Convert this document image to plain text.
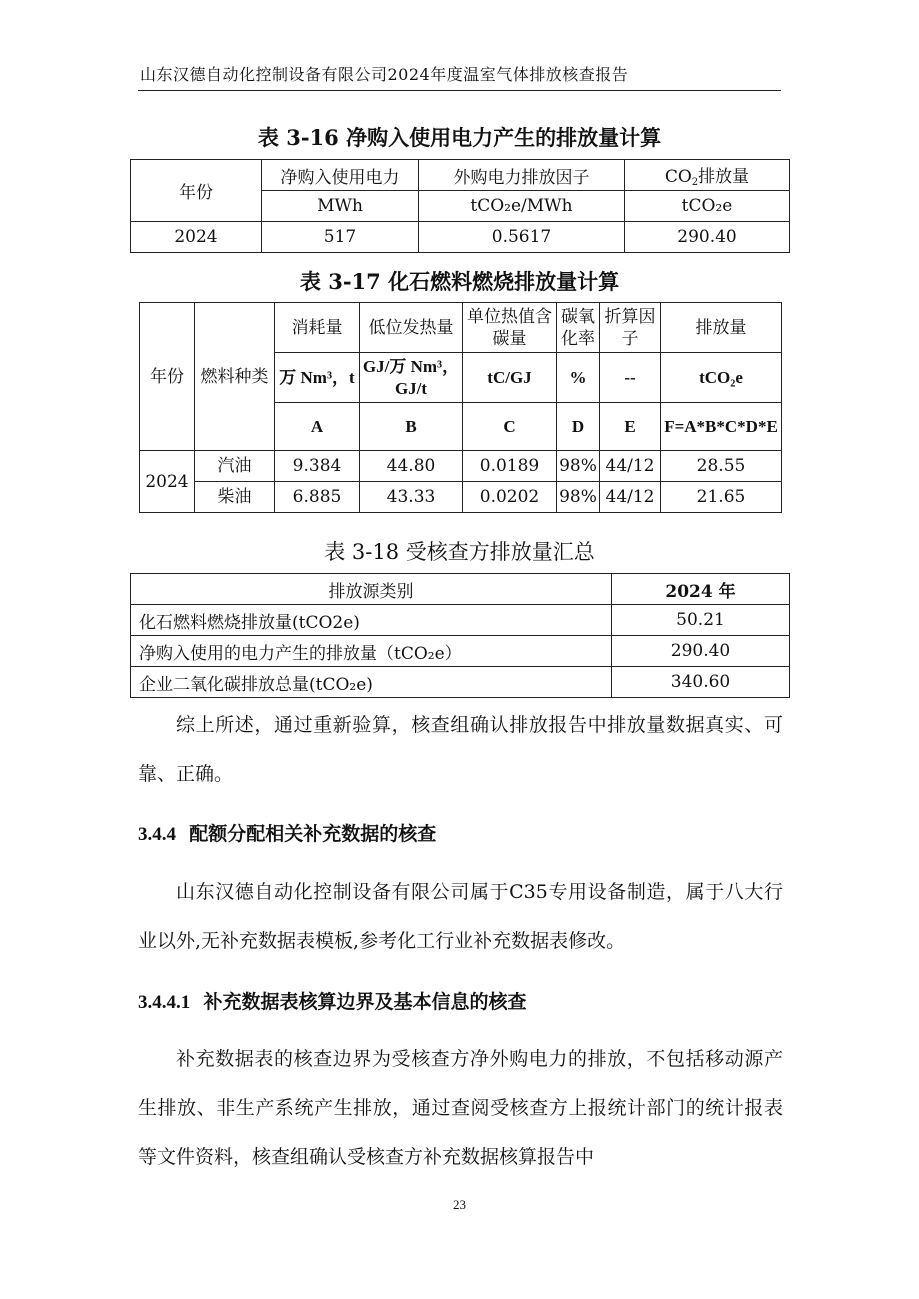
山东汉德自动化控制设备有限公司2024年度温室气体排放核查报告
表 3-16 净购入使用电力产生的排放量计算
年份	净购入使用电力	外购电力排放因子	$CO_2$排放量
	MWh	tCO₂e/MWh	tCO₂e
2024	517	0.5617	290.40
表 3-17 化石燃料燃烧排放量计算
年份	燃料种类	消耗量	低位发热量	单位热值含碳量	碳氧化率	折算因子	排放量
		万 Nm³，t	GJ/万 Nm³，GJ/t	tC/GJ	%	--	tCO₂e
		A	B	C	D	E	F=A*B*C*D*E
2024	汽油	9.384	44.80	0.0189	98%	44/12	28.55
	柴油	6.885	43.33	0.0202	98%	44/12	21.65
表 3-18 受核查方排放量汇总
排放源类别	2024 年
化石燃料燃烧排放量(tCO2e)	50.21
净购入使用的电力产生的排放量（tCO₂e）	290.40
企业二氧化碳排放总量(tCO₂e)	340.60
综上所述，通过重新验算，核查组确认排放报告中排放量数据真实、可靠、正确。
3.4.4 配额分配相关补充数据的核查
山东汉德自动化控制设备有限公司属于C35专用设备制造，属于八大行业以外,无补充数据表模板,参考化工行业补充数据表修改。
3.4.4.1 补充数据表核算边界及基本信息的核查
补充数据表的核查边界为受核查方净外购电力的排放，不包括移动源产生排放、非生产系统产生排放，通过查阅受核查方上报统计部门的统计报表等文件资料，核查组确认受核查方补充数据核算报告中
23
